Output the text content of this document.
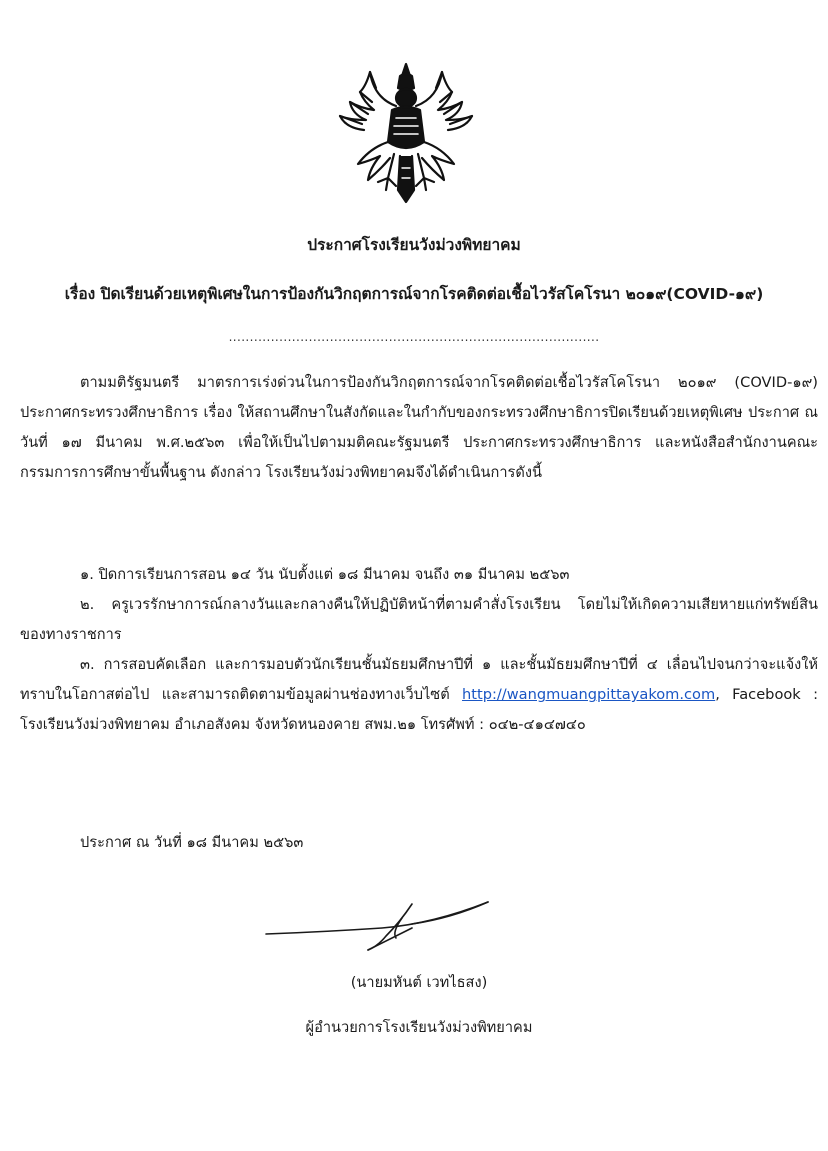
ประกาศโรงเรียนวังม่วงพิทยาคม
เรื่อง ปิดเรียนด้วยเหตุพิเศษในการป้องกันวิกฤตการณ์จากโรคติดต่อเชื้อไวรัสโคโรนา ๒๐๑๙(COVID-๑๙)
........................................................................................

ตามมติรัฐมนตรี มาตรการเร่งด่วนในการป้องกันวิกฤตการณ์จากโรคติดต่อเชื้อไวรัสโคโรนา ๒๐๑๙ (COVID-๑๙) ประกาศกระทรวงศึกษาธิการ เรื่อง ให้สถานศึกษาในสังกัดและในกำกับของกระทรวงศึกษาธิการปิดเรียนด้วยเหตุพิเศษ ประกาศ ณ วันที่ ๑๗ มีนาคม พ.ศ.๒๕๖๓ เพื่อให้เป็นไปตามมติคณะรัฐมนตรี ประกาศกระทรวงศึกษาธิการ และหนังสือสำนักงานคณะกรรมการการศึกษาขั้นพื้นฐาน ดังกล่าว โรงเรียนวังม่วงพิทยาคมจึงได้ดำเนินการดังนี้

๑. ปิดการเรียนการสอน ๑๔ วัน นับตั้งแต่ ๑๘ มีนาคม จนถึง ๓๑ มีนาคม ๒๕๖๓

๒. ครูเวรรักษาการณ์กลางวันและกลางคืนให้ปฏิบัติหน้าที่ตามคำสั่งโรงเรียน โดยไม่ให้เกิดความเสียหายแก่ทรัพย์สินของทางราชการ

๓. การสอบคัดเลือก และการมอบตัวนักเรียนชั้นมัธยมศึกษาปีที่ ๑ และชั้นมัธยมศึกษาปีที่ ๔ เลื่อนไปจนกว่าจะแจ้งให้ทราบในโอกาสต่อไป และสามารถติดตามข้อมูลผ่านช่องทางเว็บไซต์ http://wangmuangpittayakom.com, Facebook : โรงเรียนวังม่วงพิทยาคม อำเภอสังคม จังหวัดหนองคาย สพม.๒๑ โทรศัพท์ : ๐๔๒-๔๑๔๗๔๐

ประกาศ ณ วันที่ ๑๘ มีนาคม ๒๕๖๓
(นายมหันต์ เวทไธสง)
ผู้อำนวยการโรงเรียนวังม่วงพิทยาคม
